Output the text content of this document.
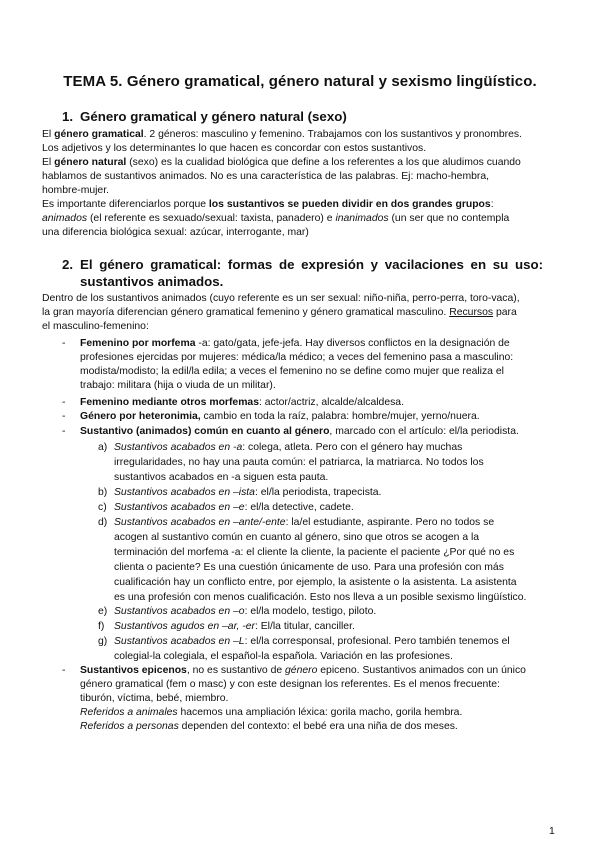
TEMA 5. Género gramatical, género natural y sexismo lingüístico.
1. Género gramatical y género natural (sexo)
El género gramatical. 2 géneros: masculino y femenino. Trabajamos con los sustantivos y pronombres.
Los adjetivos y los determinantes lo que hacen es concordar con estos sustantivos.
El género natural (sexo) es la cualidad biológica que define a los referentes a los que aludimos cuando
hablamos de sustantivos animados. No es una característica de las palabras. Ej: macho-hembra,
hombre-mujer.
Es importante diferenciarlos porque los sustantivos se pueden dividir en dos grandes grupos:
animados (el referente es sexuado/sexual: taxista, panadero) e inanimados (un ser que no contempla
una diferencia biológica sexual: azúcar, interrogante, mar)
2. El género gramatical: formas de expresión y vacilaciones en su uso:
sustantivos animados.
Dentro de los sustantivos animados (cuyo referente es un ser sexual: niño-niña, perro-perra, toro-vaca),
la gran mayoría diferencian género gramatical femenino y género gramatical masculino. Recursos para
el masculino-femenino:
- Femenino por morfema -a: gato/gata, jefe-jefa. Hay diversos conflictos en la designación de
profesiones ejercidas por mujeres: médica/la médico; a veces del femenino pasa a masculino:
modista/modisto; la edil/la edila; a veces el femenino no se define como mujer que realiza el
trabajo: militara (hija o viuda de un militar).
- Femenino mediante otros morfemas: actor/actriz, alcalde/alcaldesa.
- Género por heteronimia, cambio en toda la raíz, palabra: hombre/mujer, yerno/nuera.
- Sustantivo (animados) común en cuanto al género, marcado con el artículo: el/la periodista.
a) Sustantivos acabados en -a: colega, atleta. Pero con el género hay muchas
irregularidades, no hay una pauta común: el patriarca, la matriarca. No todos los
sustantivos acabados en -a siguen esta pauta.
b) Sustantivos acabados en –ista: el/la periodista, trapecista.
c) Sustantivos acabados en –e: el/la detective, cadete.
d) Sustantivos acabados en –ante/-ente: la/el estudiante, aspirante. Pero no todos se
acogen al sustantivo común en cuanto al género, sino que otros se acogen a la
terminación del morfema -a: el cliente la cliente, la paciente el paciente ¿Por qué no es
clienta o paciente? Es una cuestión únicamente de uso. Para una profesión con más
cualificación hay un conflicto entre, por ejemplo, la asistente o la asistenta. La asistenta
es una profesión con menos cualificación. Esto nos lleva a un posible sexismo lingüístico.
e) Sustantivos acabados en –o: el/la modelo, testigo, piloto.
f) Sustantivos agudos en –ar, -er: El/la titular, canciller.
g) Sustantivos acabados en –L: el/la corresponsal, profesional. Pero también tenemos el
colegial-la colegiala, el español-la española. Variación en las profesiones.
- Sustantivos epicenos, no es sustantivo de género epiceno. Sustantivos animados con un único
género gramatical (fem o masc) y con este designan los referentes. Es el menos frecuente:
tiburón, víctima, bebé, miembro.
Referidos a animales hacemos una ampliación léxica: gorila macho, gorila hembra.
Referidos a personas dependen del contexto: el bebé era una niña de dos meses.
1
